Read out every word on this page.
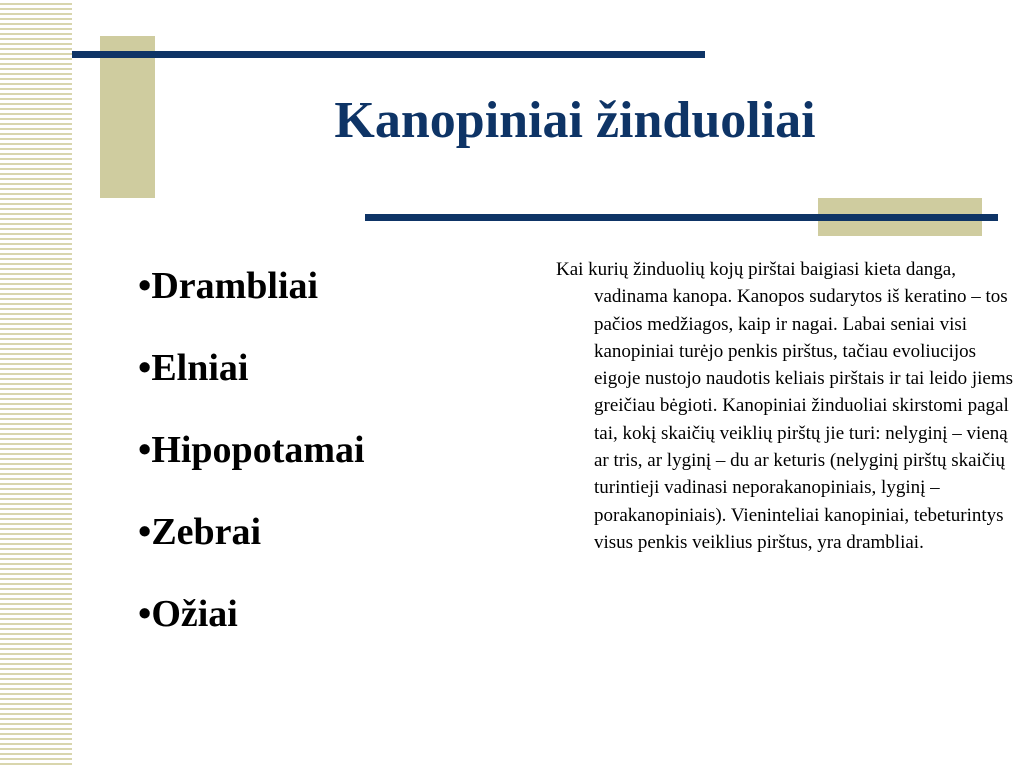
Kanopiniai žinduoliai
•Drambliai
•Elniai
•Hipopotamai
•Zebrai
•Ožiai

Kai kurių žinduolių kojų pirštai baigiasi kieta danga, vadinama kanopa. Kanopos sudarytos iš keratino – tos pačios medžiagos, kaip ir nagai. Labai seniai visi kanopiniai turėjo penkis pirštus, tačiau evoliucijos eigoje nustojo naudotis keliais pirštais ir tai leido jiems greičiau bėgioti. Kanopiniai žinduoliai skirstomi pagal tai, kokį skaičių veiklių pirštų jie turi: nelyginį – vieną ar tris, ar lyginį – du ar keturis (nelyginį pirštų skaičių turintieji vadinasi neporakanopiniais, lyginį – porakanopiniais). Vieninteliai kanopiniai, tebeturintys visus penkis veiklius pirštus, yra drambliai.
